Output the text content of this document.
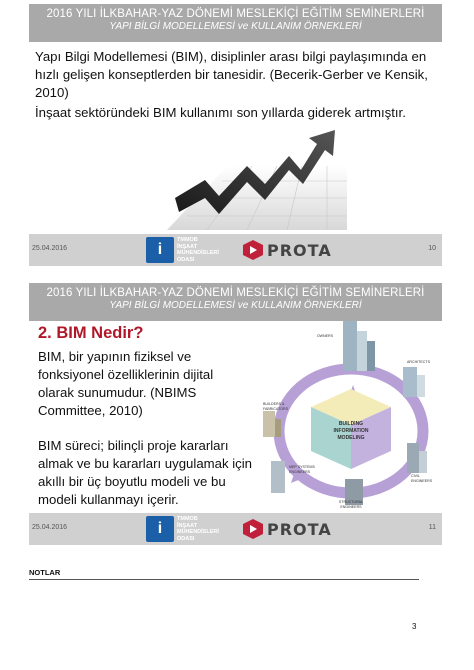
2016 YILI İLKBAHAR-YAZ DÖNEMİ MESLEKİÇİ EĞİTİM SEMİNERLERİ
YAPI BİLGİ MODELLEMESİ ve KULLANIM ÖRNEKLERİ
Yapı Bilgi Modellemesi (BIM), disiplinler arası bilgi paylaşımında en hızlı gelişen konseptlerden bir tanesidir. (Becerik-Gerber ve Kensik, 2010)
İnşaat sektöründeki BIM kullanımı son yıllarda giderek artmıştır.
25.04.2016	i
TMMOB
İNŞAAT
MÜHENDİSLERİ
ODASI	PROTA	10
2016 YILI İLKBAHAR-YAZ DÖNEMİ MESLEKİÇİ EĞİTİM SEMİNERLERİ
YAPI BİLGİ MODELLEMESİ ve KULLANIM ÖRNEKLERİ
2. BIM Nedir?
BIM, bir yapının fiziksel ve fonksiyonel özelliklerinin dijital olarak sunumudur. (NBIMS Committee, 2010)
BIM süreci; bilinçli proje kararları almak ve bu kararları uygulamak için akıllı bir üç boyutlu modeli ve bu modeli kullanmayı içerir.
BUILDING
INFORMATION
MODELING
OWNERS
ARCHITECTS
BUILDERS &
FABRICATORS
CIVIL
ENGINEERS
MEP SYSTEMS
ENGINEERS
STRUCTURAL
ENGINEERS
25.04.2016	i
TMMOB
İNŞAAT
MÜHENDİSLERİ
ODASI	PROTA	11
NOTLAR
3
